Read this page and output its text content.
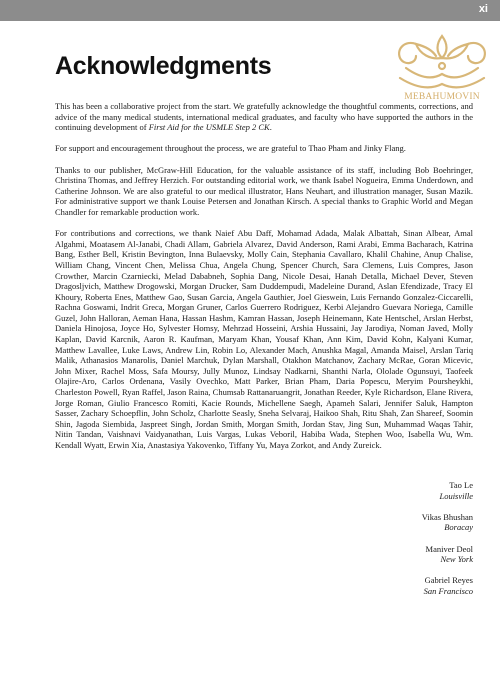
xi
MEBAHUMOVIN
Acknowledgments

This has been a collaborative project from the start. We gratefully acknowledge the thoughtful comments, corrections, and advice of the many medical students, international medical graduates, and faculty who have supported the authors in the continuing development of First Aid for the USMLE Step 2 CK.

For support and encouragement throughout the process, we are grateful to Thao Pham and Jinky Flang.

Thanks to our publisher, McGraw-Hill Education, for the valuable assistance of its staff, including Bob Boehringer, Christina Thomas, and Jeffrey Herzich. For outstanding editorial work, we thank Isabel Nogueira, Emma Underdown, and Catherine Johnson. We are also grateful to our medical illustrator, Hans Neuhart, and illustration manager, Susan Mazik. For administrative support we thank Louise Petersen and Jonathan Kirsch. A special thanks to Graphic World and Megan Chandler for remarkable production work.

For contributions and corrections, we thank Naief Abu Daff, Mohamad Adada, Malak Albattah, Sinan Albear, Amal Algahmi, Moatasem Al-Janabi, Chadi Allam, Gabriela Alvarez, David Anderson, Rami Arabi, Emma Bacharach, Katrina Bang, Esther Bell, Kristin Bevington, Inna Bulaevsky, Molly Cain, Stephania Cavallaro, Khalil Chahine, Anup Chalise, William Chang, Vincent Chen, Melissa Chua, Angela Chung, Spencer Church, Sara Clemens, Luis Compres, Jason Crowther, Marcin Czarniecki, Melad Dababneh, Sophia Dang, Nicole Desai, Hanah Detalla, Michael Dever, Steven Dragosljvich, Matthew Drogowski, Morgan Drucker, Sam Duddempudi, Madeleine Durand, Aslan Efendizade, Tracy El Khoury, Roberta Enes, Matthew Gao, Susan Garcia, Angela Gauthier, Joel Gieswein, Luis Fernando Gonzalez-Ciccarelli, Rachna Goswami, Indrit Greca, Morgan Gruner, Carlos Guerrero Rodriguez, Kerbi Alejandro Guevara Noriega, Camille Guzel, John Halloran, Aeman Hana, Hassan Hashm, Kamran Hassan, Joseph Heinemann, Kate Hentschel, Arslan Herbst, Daniela Hinojosa, Joyce Ho, Sylvester Homsy, Mehrzad Hosseini, Arshia Hussaini, Jay Jarodiya, Noman Javed, Molly Kaplan, David Karcnik, Aaron R. Kaufman, Maryam Khan, Yousaf Khan, Ann Kim, David Kohn, Kalyani Kumar, Matthew Lavallee, Luke Laws, Andrew Lin, Robin Lo, Alexander Mach, Anushka Magal, Amanda Maisel, Arslan Tariq Malik, Athanasios Manarolis, Daniel Marchuk, Dylan Marshall, Otakhon Matchanov, Zachary McRae, Goran Micevic, John Mixer, Rachel Moss, Safa Moursy, Jully Munoz, Lindsay Nadkarni, Shanthi Narla, Ololade Ogunsuyi, Taofeek Olajire-Aro, Carlos Ordenana, Vasily Ovechko, Matt Parker, Brian Pham, Daria Popescu, Meryim Poursheykhi, Charleston Powell, Ryan Raffel, Jason Raina, Chumsab Rattanaruangrit, Jonathan Reeder, Kyle Richardson, Elane Rivera, Jorge Roman, Giulio Francesco Romiti, Kacie Rounds, Michellene Saegh, Apameh Salari, Jennifer Saluk, Hampton Sasser, Zachary Schoepflin, John Scholz, Charlotte Seasly, Sneha Selvaraj, Haikoo Shah, Ritu Shah, Zan Shareef, Soomin Shin, Jagoda Siembida, Jaspreet Singh, Jordan Smith, Morgan Smith, Jordan Stav, Jing Sun, Muhammad Waqas Tahir, Nitin Tandan, Vaishnavi Vaidyanathan, Luis Vargas, Lukas Veboril, Habiba Wada, Stephen Woo, Isabella Wu, Wm. Kendall Wyatt, Erwin Xia, Anastasiya Yakovenko, Tiffany Yu, Maya Zorkot, and Andy Zureick.

Tao Le
Louisville
Vikas Bhushan
Boracay
Maniver Deol
New York
Gabriel Reyes
San Francisco
